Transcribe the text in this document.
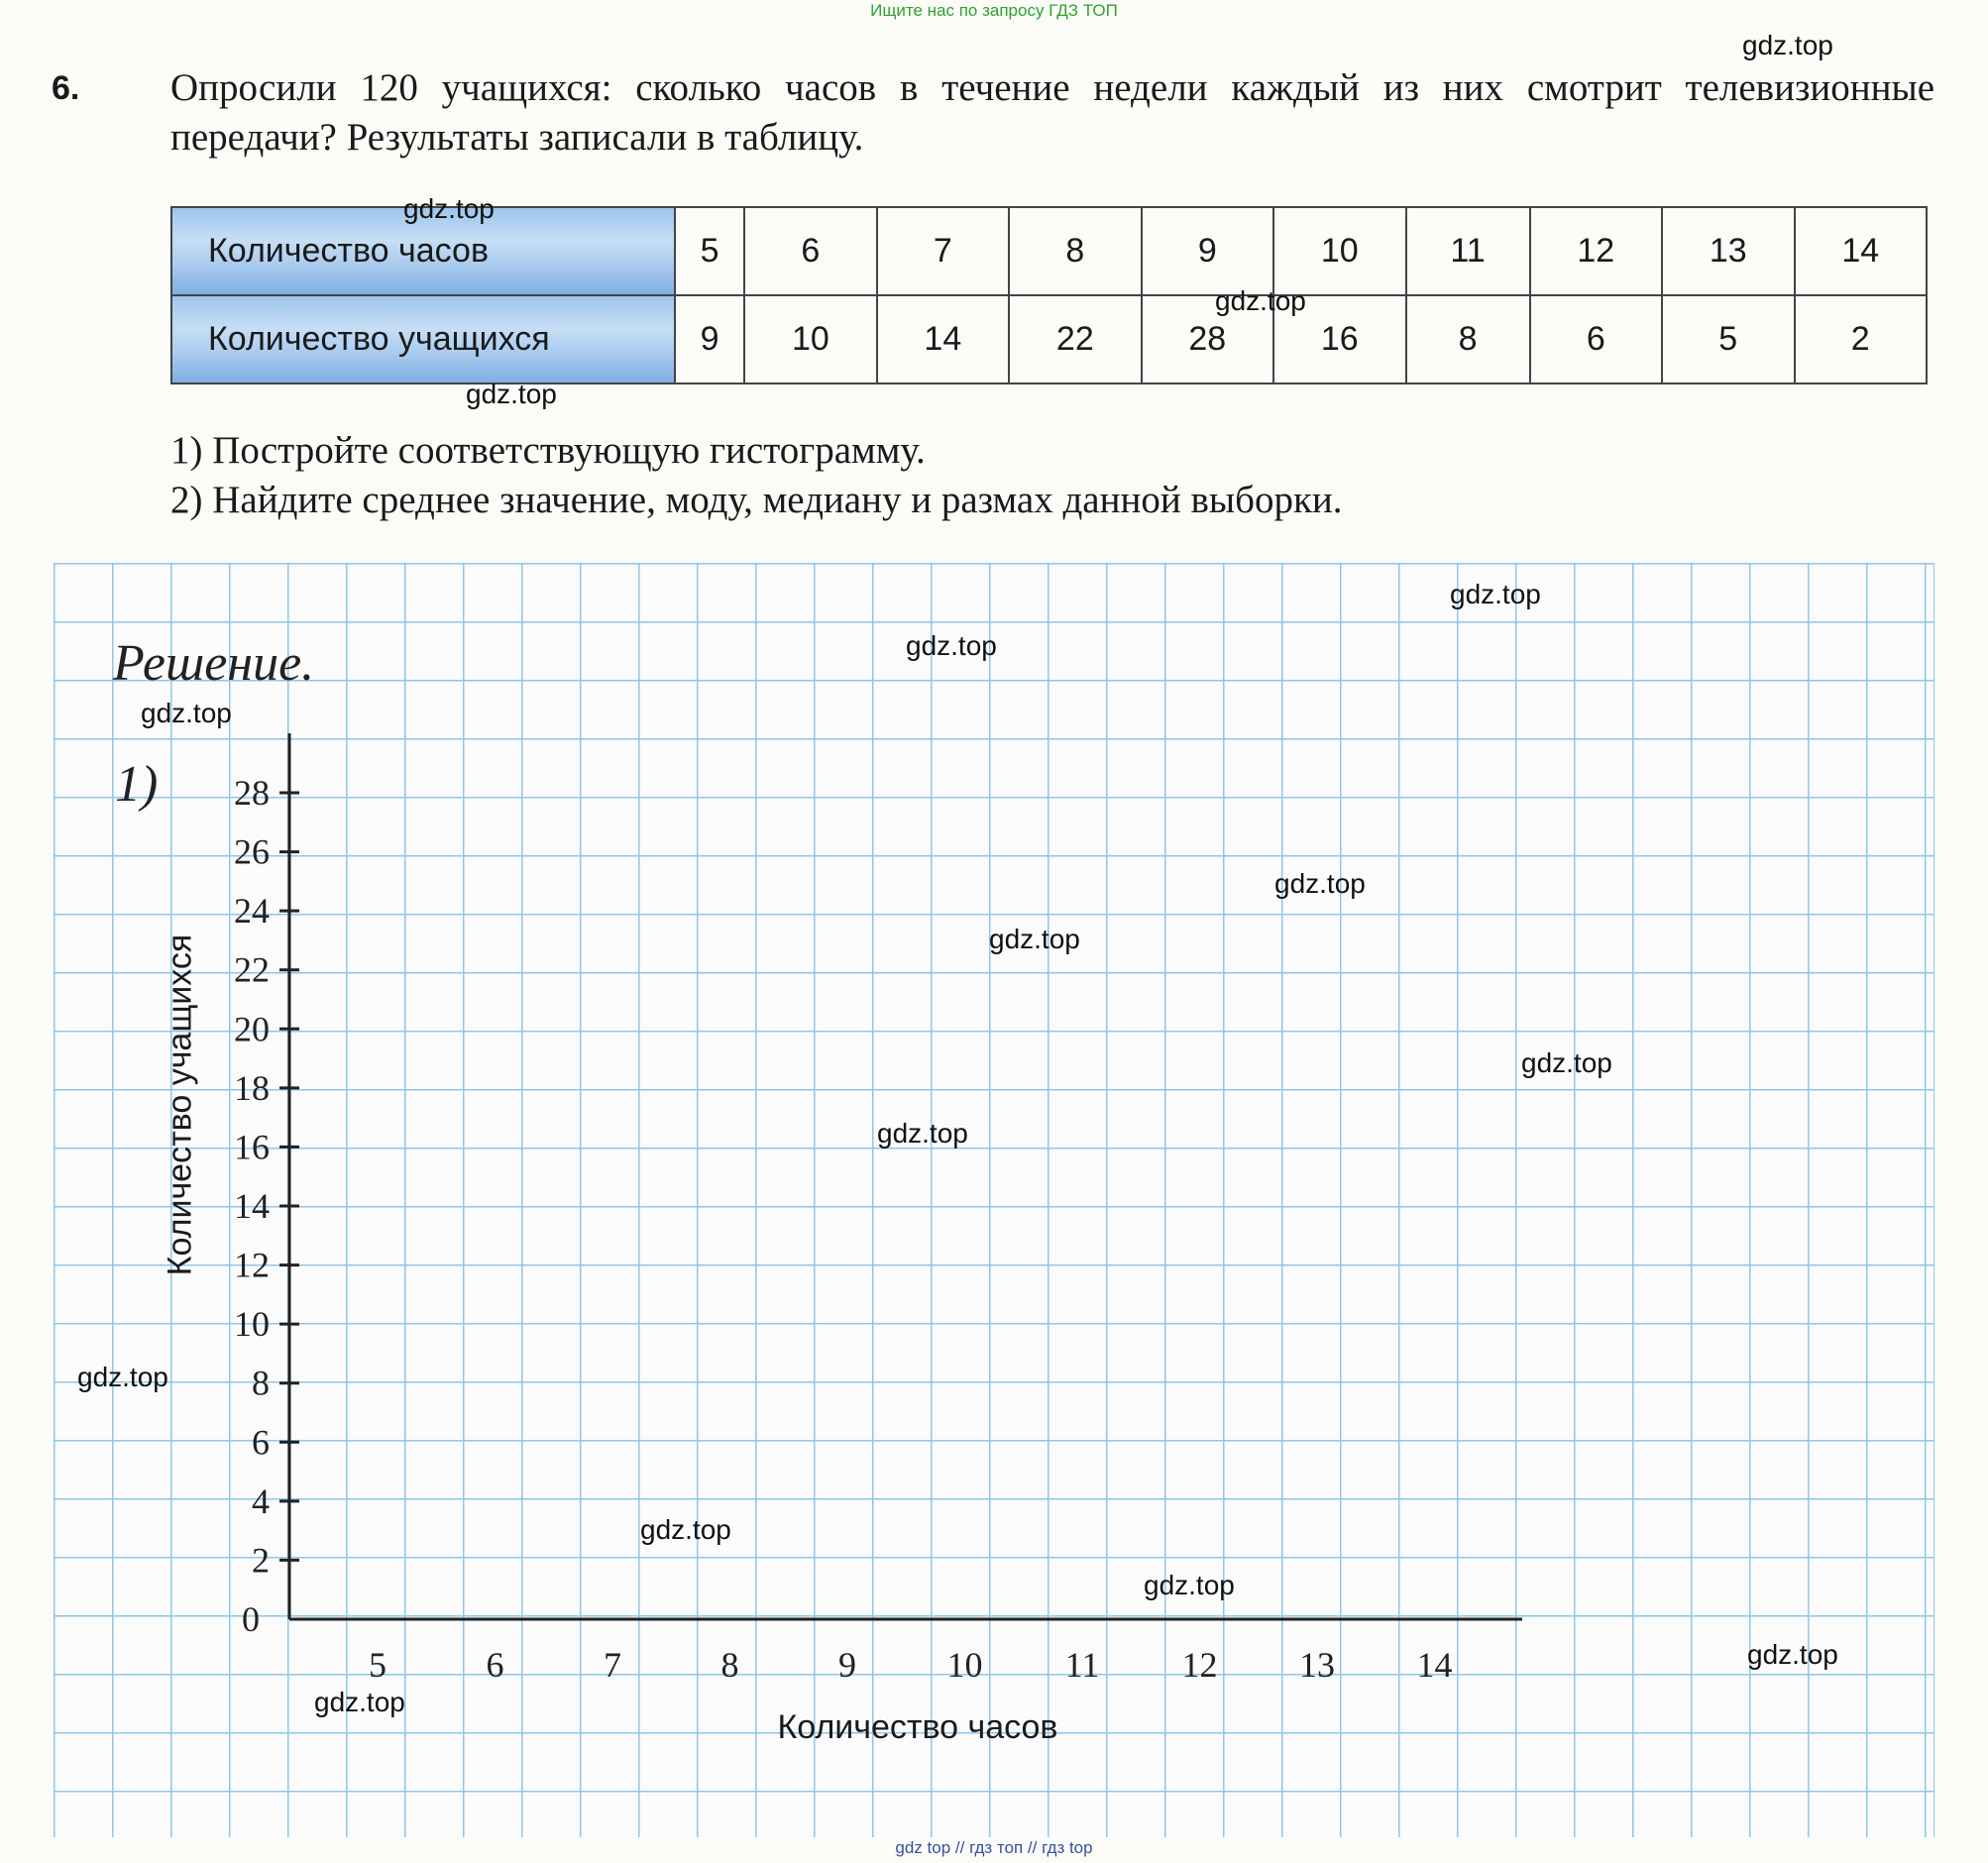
Ищите нас по запросу ГДЗ ТОП
6. Опросили 120 учащихся: сколько часов в течение недели каждый из них смотрит телевизионные передачи? Результаты записали в таблицу.

Количество часов	5	6	7	8	9	10	11	12	13	14
Количество учащихся	9	10	14	22	28	16	8	6	5	2
1) Постройте соответствующую гистограмму.
2) Найдите среднее значение, моду, медиану и размах данной выборки.
Решение.
1)
0
2
4
6
8
10
12
14
16
18
20
22
24
26
28
5	6	7	8	9	10 11 12 13 14
Количество учащихся
Количество часов
gdz.top
gdz.top
gdz.top
gdz.top
gdz.top
gdz.top
gdz.top
gdz.top
gdz.top
gdz.top
gdz.top
gdz.top
gdz.top
gdz.top
gdz.top
gdz.top
gdz top // гдз топ // гдз top
